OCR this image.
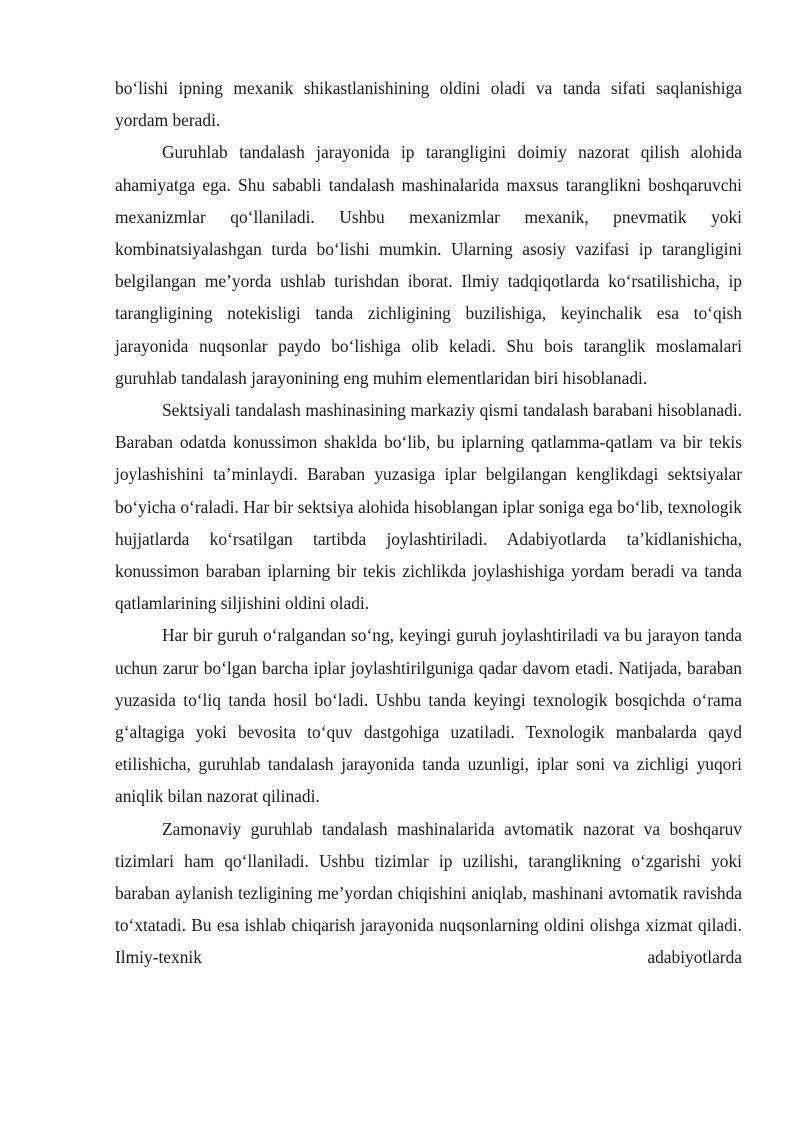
bo‘lishi ipning mexanik shikastlanishining oldini oladi va tanda sifati saqlanishiga yordam beradi.

Guruhlab tandalash jarayonida ip tarangligini doimiy nazorat qilish alohida ahamiyatga ega. Shu sababli tandalash mashinalarida maxsus taranglikni boshqaruvchi mexanizmlar qo‘llaniladi. Ushbu mexanizmlar mexanik, pnevmatik yoki kombinatsiyalashgan turda bo‘lishi mumkin. Ularning asosiy vazifasi ip tarangligini belgilangan me’yorda ushlab turishdan iborat. Ilmiy tadqiqotlarda ko‘rsatilishicha, ip tarangligining notekisligi tanda zichligining buzilishiga, keyinchalik esa to‘qish jarayonida nuqsonlar paydo bo‘lishiga olib keladi. Shu bois taranglik moslamalari guruhlab tandalash jarayonining eng muhim elementlaridan biri hisoblanadi.

Sektsiyali tandalash mashinasining markaziy qismi tandalash barabani hisoblanadi. Baraban odatda konussimon shaklda bo‘lib, bu iplarning qatlamma-qatlam va bir tekis joylashishini ta’minlaydi. Baraban yuzasiga iplar belgilangan kenglikdagi sektsiyalar bo‘yicha o‘raladi. Har bir sektsiya alohida hisoblangan iplar soniga ega bo‘lib, texnologik hujjatlarda ko‘rsatilgan tartibda joylashtiriladi. Adabiyotlarda ta’kidlanishicha, konussimon baraban iplarning bir tekis zichlikda joylashishiga yordam beradi va tanda qatlamlarining siljishini oldini oladi.

Har bir guruh o‘ralgandan so‘ng, keyingi guruh joylashtiriladi va bu jarayon tanda uchun zarur bo‘lgan barcha iplar joylashtirilguniga qadar davom etadi. Natijada, baraban yuzasida to‘liq tanda hosil bo‘ladi. Ushbu tanda keyingi texnologik bosqichda o‘rama g‘altagiga yoki bevosita to‘quv dastgohiga uzatiladi. Texnologik manbalarda qayd etilishicha, guruhlab tandalash jarayonida tanda uzunligi, iplar soni va zichligi yuqori aniqlik bilan nazorat qilinadi.

Zamonaviy guruhlab tandalash mashinalarida avtomatik nazorat va boshqaruv tizimlari ham qo‘llaniladi. Ushbu tizimlar ip uzilishi, taranglikning o‘zgarishi yoki baraban aylanish tezligining me’yordan chiqishini aniqlab, mashinani avtomatik ravishda to‘xtatadi. Bu esa ishlab chiqarish jarayonida nuqsonlarning oldini olishga xizmat qiladi. Ilmiy-texnik adabiyotlarda
